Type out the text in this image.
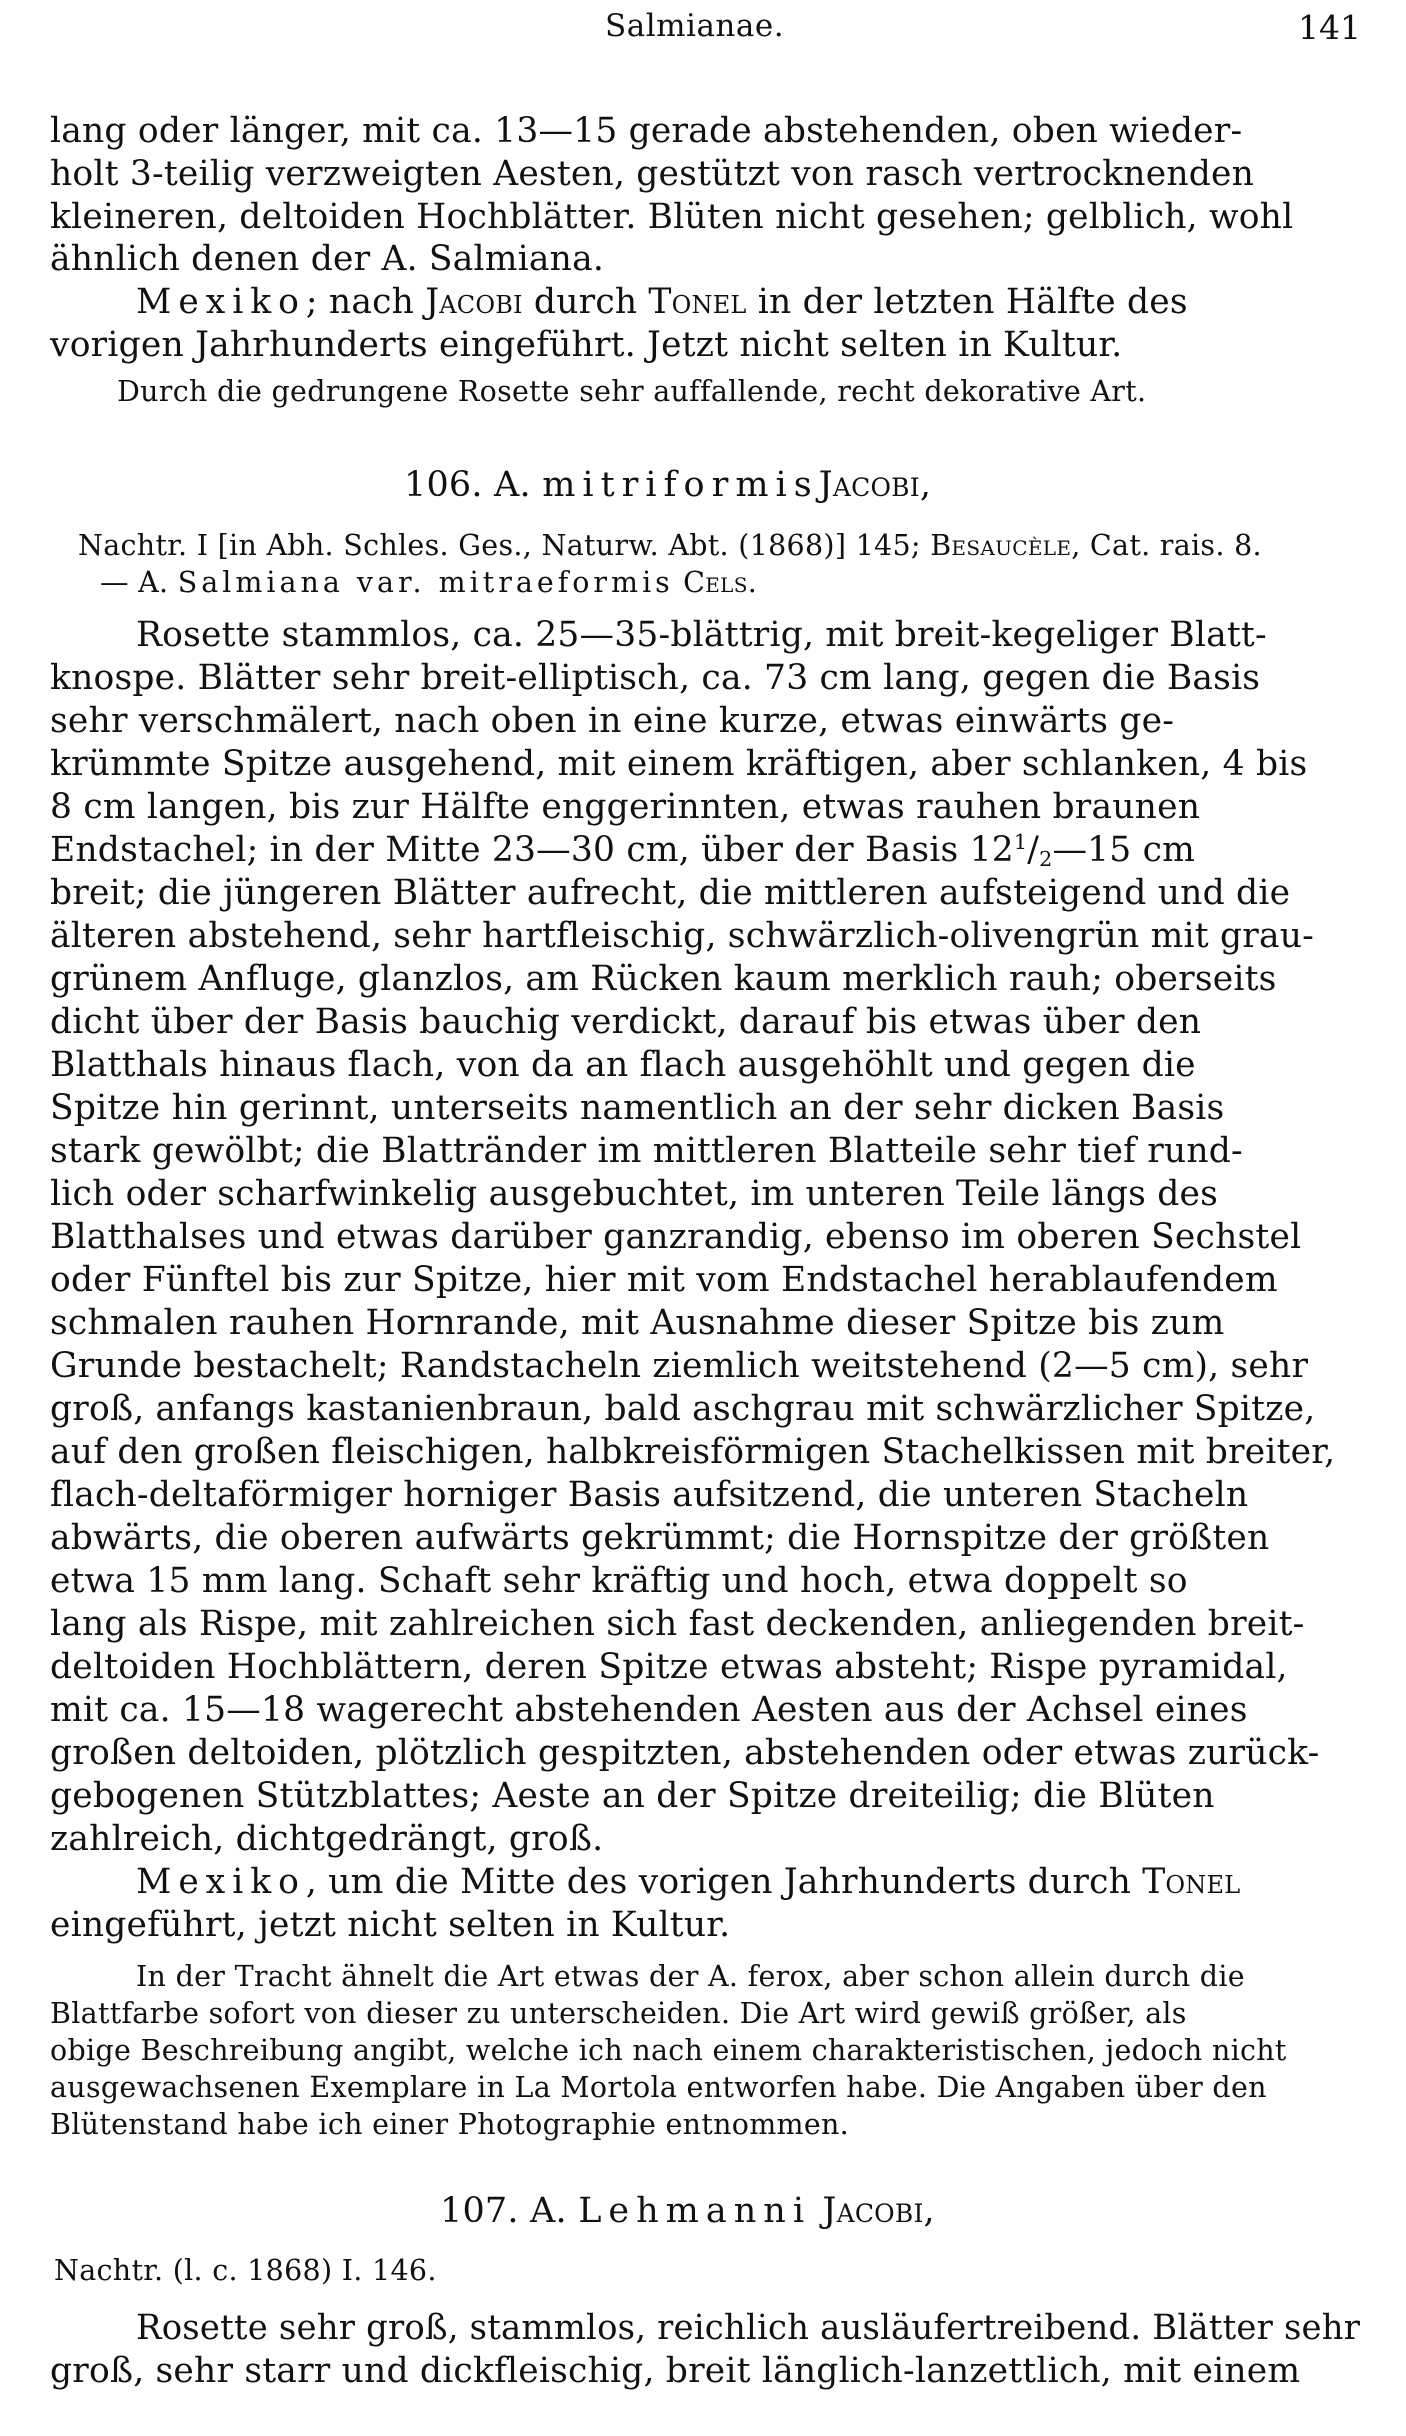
Salmianae.	141
lang oder länger, mit ca. 13—15 gerade abstehenden, oben wieder-
holt 3-teilig verzweigten Aesten, gestützt von rasch vertrocknenden
kleineren, deltoiden Hochblätter. Blüten nicht gesehen; gelblich, wohl
ähnlich denen der A. Salmiana.
Mexiko; nach Jacobi durch Tonel in der letzten Hälfte des
vorigen Jahrhunderts eingeführt. Jetzt nicht selten in Kultur.
Durch die gedrungene Rosette sehr auffallende, recht dekorative Art.
106. A. mitriformisJacobi,
Nachtr. I [in Abh. Schles. Ges., Naturw. Abt. (1868)] 145; Besaucèle, Cat. rais. 8.
— A. Salmiana var. mitraeformis Cels.
Rosette stammlos, ca. 25—35-blättrig, mit breit-kegeliger Blatt-
knospe. Blätter sehr breit-elliptisch, ca. 73 cm lang, gegen die Basis
sehr verschmälert, nach oben in eine kurze, etwas einwärts ge-
krümmte Spitze ausgehend, mit einem kräftigen, aber schlanken, 4 bis
8 cm langen, bis zur Hälfte enggerinnten, etwas rauhen braunen
Endstachel; in der Mitte 23—30 cm, über der Basis $12^1/2—15$ cm
breit; die jüngeren Blätter aufrecht, die mittleren aufsteigend und die
älteren abstehend, sehr hartfleischig, schwärzlich-olivengrün mit grau-
grünem Anfluge, glanzlos, am Rücken kaum merklich rauh; oberseits
dicht über der Basis bauchig verdickt, darauf bis etwas über den
Blatthals hinaus flach, von da an flach ausgehöhlt und gegen die
Spitze hin gerinnt, unterseits namentlich an der sehr dicken Basis
stark gewölbt; die Blattränder im mittleren Blatteile sehr tief rund-
lich oder scharfwinkelig ausgebuchtet, im unteren Teile längs des
Blatthalses und etwas darüber ganzrandig, ebenso im oberen Sechstel
oder Fünftel bis zur Spitze, hier mit vom Endstachel herablaufendem
schmalen rauhen Hornrande, mit Ausnahme dieser Spitze bis zum
Grunde bestachelt; Randstacheln ziemlich weitstehend (2—5 cm), sehr
groß, anfangs kastanienbraun, bald aschgrau mit schwärzlicher Spitze,
auf den großen fleischigen, halbkreisförmigen Stachelkissen mit breiter,
flach-deltaförmiger horniger Basis aufsitzend, die unteren Stacheln
abwärts, die oberen aufwärts gekrümmt; die Hornspitze der größten
etwa 15 mm lang. Schaft sehr kräftig und hoch, etwa doppelt so
lang als Rispe, mit zahlreichen sich fast deckenden, anliegenden breit-
deltoiden Hochblättern, deren Spitze etwas absteht; Rispe pyramidal,
mit ca. 15—18 wagerecht abstehenden Aesten aus der Achsel eines
großen deltoiden, plötzlich gespitzten, abstehenden oder etwas zurück-
gebogenen Stützblattes; Aeste an der Spitze dreiteilig; die Blüten
zahlreich, dichtgedrängt, groß.
Mexiko, um die Mitte des vorigen Jahrhunderts durch Tonel
eingeführt, jetzt nicht selten in Kultur.
In der Tracht ähnelt die Art etwas der A. ferox, aber schon allein durch die
Blattfarbe sofort von dieser zu unterscheiden. Die Art wird gewiß größer, als
obige Beschreibung angibt, welche ich nach einem charakteristischen, jedoch nicht
ausgewachsenen Exemplare in La Mortola entworfen habe. Die Angaben über den
Blütenstand habe ich einer Photographie entnommen.
107. A. Lehmanni Jacobi,
Nachtr. (l. c. 1868) I. 146.
Rosette sehr groß, stammlos, reichlich ausläufertreibend. Blätter sehr
groß, sehr starr und dickfleischig, breit länglich-lanzettlich, mit einem
